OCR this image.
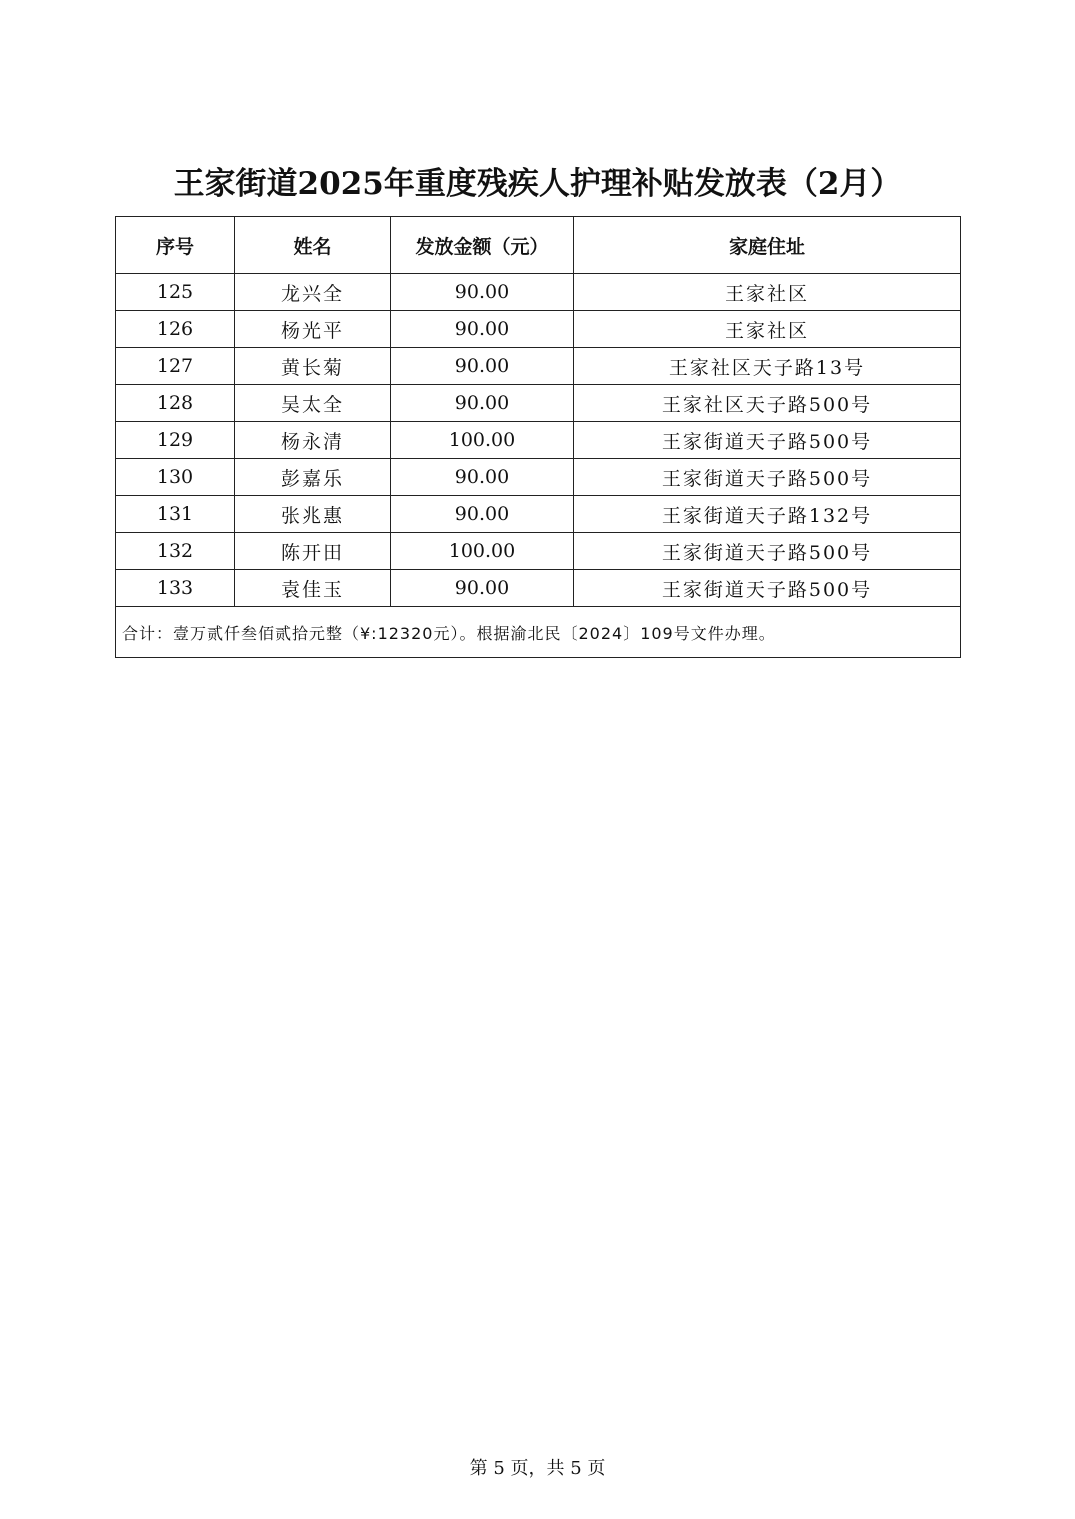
王家街道2025年重度残疾人护理补贴发放表（2月）
序号	姓名	发放金额（元）	家庭住址
125	龙兴全	90.00	王家社区
126	杨光平	90.00	王家社区
127	黄长菊	90.00	王家社区天子路13号
128	吴太全	90.00	王家社区天子路500号
129	杨永清	100.00	王家街道天子路500号
130	彭嘉乐	90.00	王家街道天子路500号
131	张兆惠	90.00	王家街道天子路132号
132	陈开田	100.00	王家街道天子路500号
133	袁佳玉	90.00	王家街道天子路500号
合计：壹万贰仟叁佰贰拾元整（¥:12320元）。根据渝北民〔2024〕109号文件办理。			
第 5 页，共 5 页
